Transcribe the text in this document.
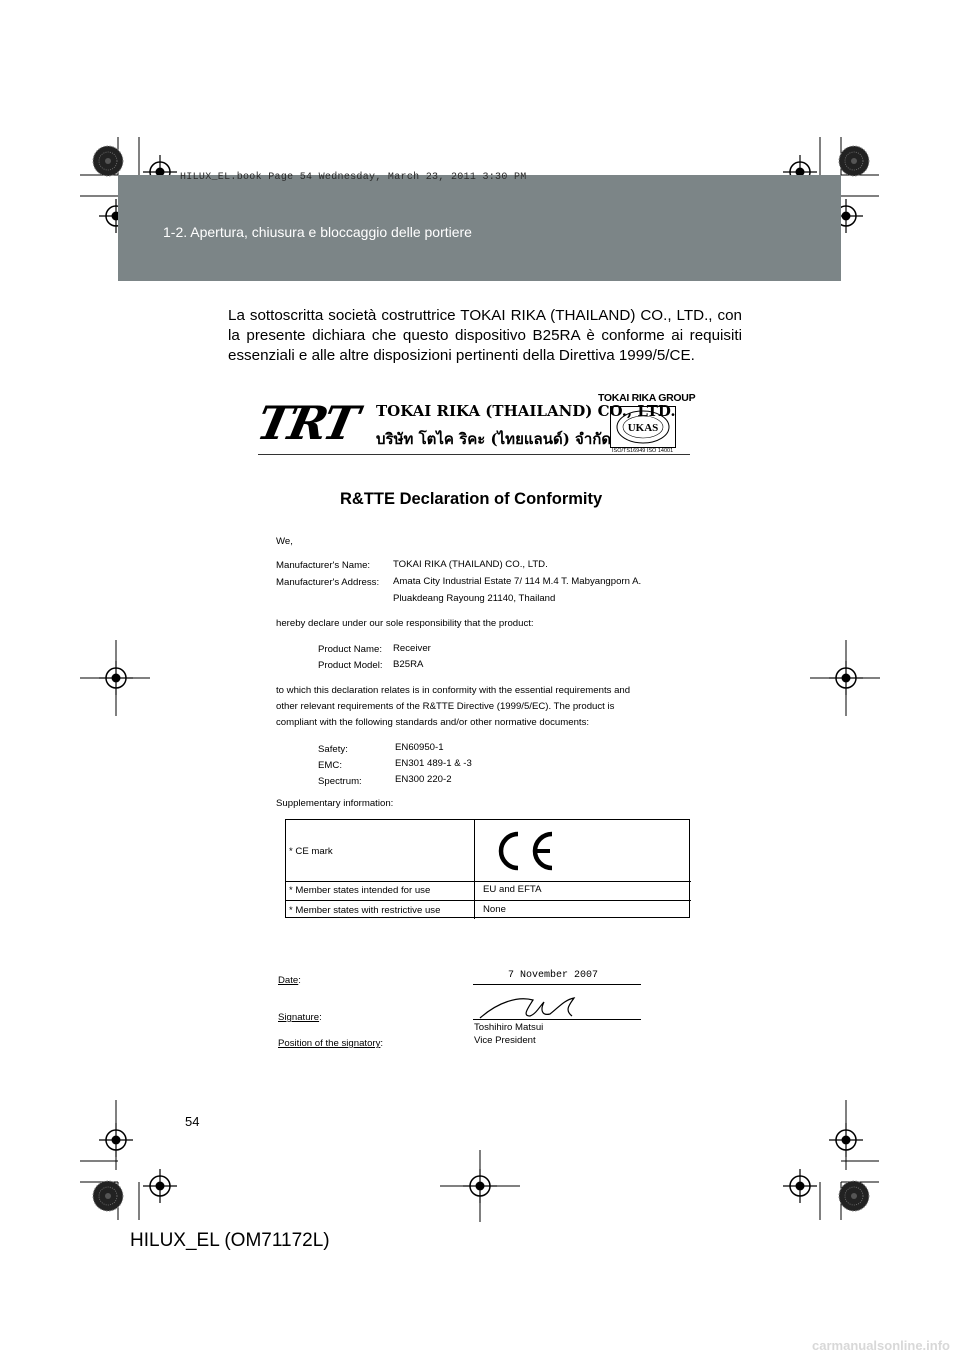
HILUX_EL.book Page 54 Wednesday, March 23, 2011 3:30 PM
1-2. Apertura, chiusura e bloccaggio delle portiere
La sottoscritta società costruttrice TOKAI RIKA (THAILAND) CO., LTD., con la presente dichiara che questo dispositivo B25RA è conforme ai requisiti essenziali e alle altre disposizioni pertinenti della Direttiva 1999/5/CE.
TRT TOKAI RIKA (THAILAND) CO., LTD.
บริษัท โตไค ริคะ (ไทยแลนด์) จำกัด
TOKAI RIKA GROUP
UKAS
ISO/TS16949 ISO 14001
R&TTE Declaration of Conformity
We,
Manufacturer's Name: TOKAI RIKA (THAILAND) CO., LTD.
Manufacturer's Address: Amata City Industrial Estate 7/ 114 M.4 T. Mabyangporn A.
Pluakdeang Rayoung 21140, Thailand
hereby declare under our sole responsibility that the product:
Product Name: Receiver
Product Model: B25RA
to which this declaration relates is in conformity with the essential requirements and
other relevant requirements of the R&TTE Directive (1999/5/EC). The product is
compliant with the following standards and/or other normative documents:
Safety:	EN60950-1
EMC:	EN301 489-1 & -3
Spectrum:	EN300 220-2
Supplementary information:
* CE mark
CE
* Member states intended for use	EU and EFTA
* Member states with restrictive use	None
Date:	7 November 2007
Signature:
Toshihiro Matsui
Position of the signatory:	Vice President
54
HILUX_EL (OM71172L)
carmanualsonline.info
